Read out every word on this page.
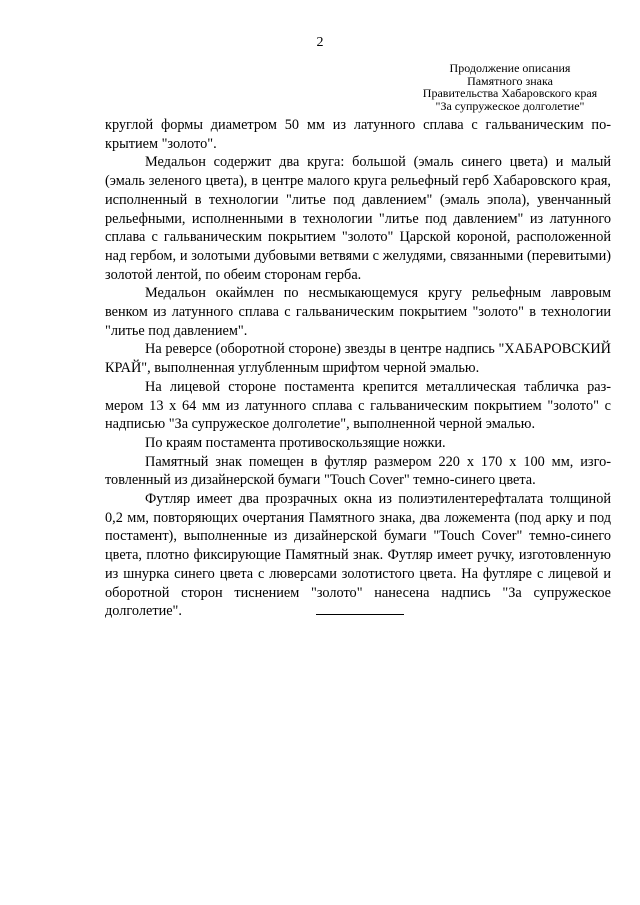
2
Продолжение описания
Памятного знака
Правительства Хабаровского края
"За супружеское долголетие"

круглой формы диаметром 50 мм из латунного сплава с гальваническим покрытием "золото".

Медальон содержит два круга: большой (эмаль синего цвета) и малый (эмаль зеленого цвета), в центре малого круга рельефный герб Хабаровского края, исполненный в технологии "литье под давлением" (эмаль эпола), увенчанный рельефными, исполненными в технологии "литье под давлением" из латунного сплава с гальваническим покрытием "золото" Царской короной, расположенной над гербом, и золотыми дубовыми ветвями с желудями, связанными (перевитыми) золотой лентой, по обеим сторонам герба.

Медальон окаймлен по несмыкающемуся кругу рельефным лавровым венком из латунного сплава с гальваническим покрытием "золото" в технологии "литье под давлением".

На реверсе (оборотной стороне) звезды в центре надпись "ХАБАРОВСКИЙ КРАЙ", выполненная углубленным шрифтом черной эмалью.

На лицевой стороне постамента крепится металлическая табличка размером 13 х 64 мм из латунного сплава с гальваническим покрытием "золото" с надписью "За супружеское долголетие", выполненной черной эмалью.

По краям постамента противоскользящие ножки.

Памятный знак помещен в футляр размером 220 х 170 х 100 мм, изготовленный из дизайнерской бумаги "Touch Cover" темно-синего цвета.

Футляр имеет два прозрачных окна из полиэтилентерефталата толщиной 0,2 мм, повторяющих очертания Памятного знака, два ложемента (под арку и под постамент), выполненные из дизайнерской бумаги "Touch Cover" темно-синего цвета, плотно фиксирующие Памятный знак. Футляр имеет ручку, изготовленную из шнурка синего цвета с люверсами золотистого цвета. На футляре с лицевой и оборотной сторон тиснением "золото" нанесена надпись "За супружеское долголетие".
